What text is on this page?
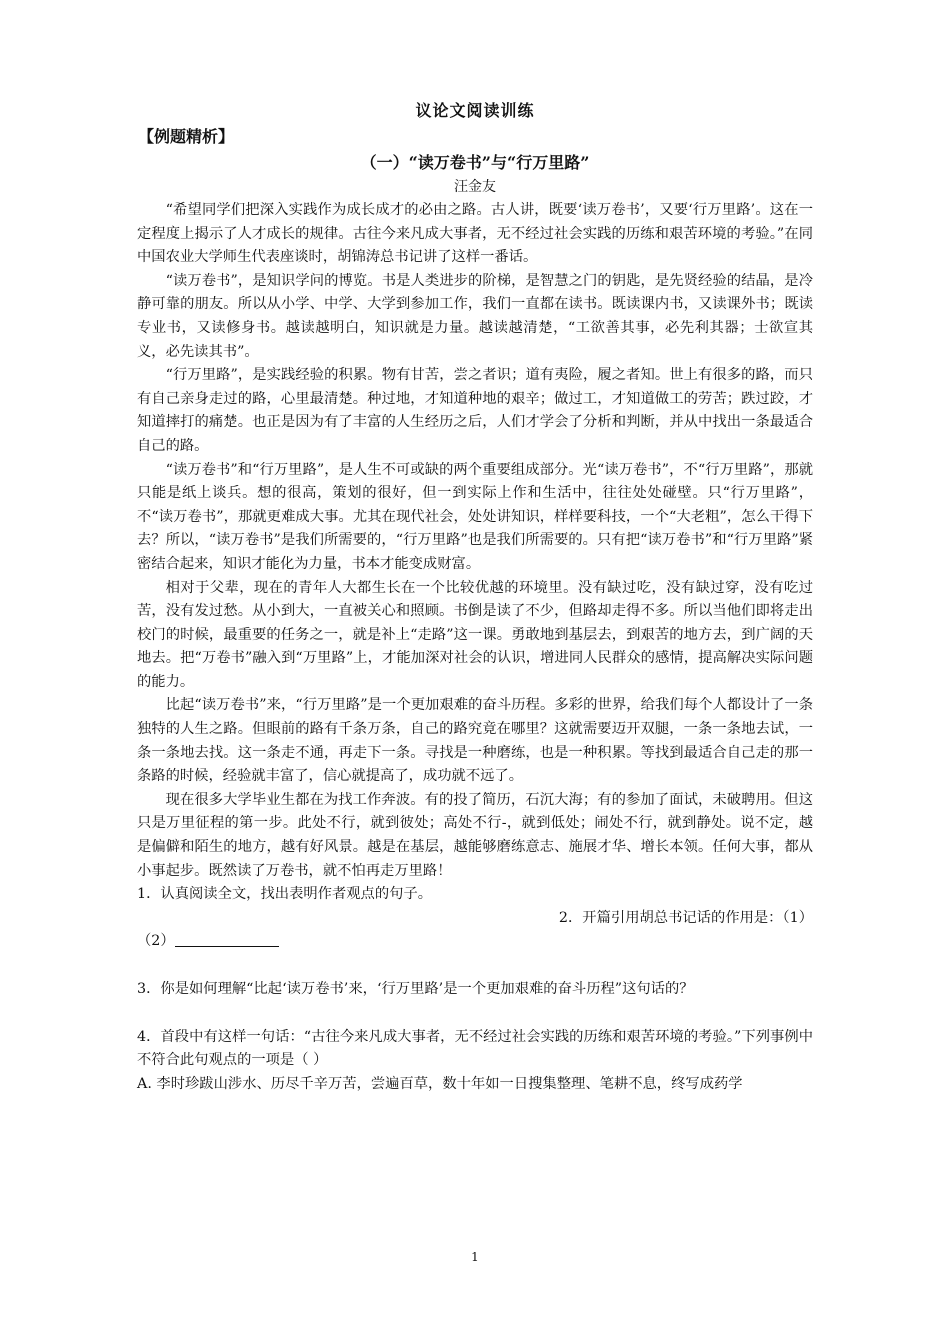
议论文阅读训练
【例题精析】
（一）“读万卷书”与“行万里路”
汪金友

“希望同学们把深入实践作为成长成才的必由之路。古人讲，既要‘读万卷书’，又要‘行万里路’。这在一定程度上揭示了人才成长的规律。古往今来凡成大事者，无不经过社会实践的历练和艰苦环境的考验。”在同中国农业大学师生代表座谈时，胡锦涛总书记讲了这样一番话。

“读万卷书”，是知识学问的博览。书是人类进步的阶梯，是智慧之门的钥匙，是先贤经验的结晶，是冷静可靠的朋友。所以从小学、中学、大学到参加工作，我们一直都在读书。既读课内书，又读课外书；既读专业书，又读修身书。越读越明白，知识就是力量。越读越清楚，“工欲善其事，必先利其器；士欲宣其义，必先读其书”。

“行万里路”，是实践经验的积累。物有甘苦，尝之者识；道有夷险，履之者知。世上有很多的路，而只有自己亲身走过的路，心里最清楚。种过地，才知道种地的艰辛；做过工，才知道做工的劳苦；跌过跤，才知道摔打的痛楚。也正是因为有了丰富的人生经历之后，人们才学会了分析和判断，并从中找出一条最适合自己的路。

“读万卷书”和“行万里路”，是人生不可或缺的两个重要组成部分。光“读万卷书”，不“行万里路”，那就只能是纸上谈兵。想的很高，策划的很好，但一到实际上作和生活中，往往处处碰壁。只“行万里路”，不“读万卷书”，那就更难成大事。尤其在现代社会，处处讲知识，样样要科技，一个“大老粗”，怎么干得下去？所以，“读万卷书”是我们所需要的，“行万里路”也是我们所需要的。只有把“读万卷书”和“行万里路”紧密结合起来，知识才能化为力量，书本才能变成财富。

相对于父辈，现在的青年人大都生长在一个比较优越的环境里。没有缺过吃，没有缺过穿，没有吃过苦，没有发过愁。从小到大，一直被关心和照顾。书倒是读了不少，但路却走得不多。所以当他们即将走出校门的时候，最重要的任务之一，就是补上“走路”这一课。勇敢地到基层去，到艰苦的地方去，到广阔的天地去。把“万卷书”融入到“万里路”上，才能加深对社会的认识，增进同人民群众的感情，提高解决实际问题的能力。

比起“读万卷书”来，“行万里路”是一个更加艰难的奋斗历程。多彩的世界，给我们每个人都设计了一条独特的人生之路。但眼前的路有千条万条，自己的路究竟在哪里？这就需要迈开双腿，一条一条地去试，一条一条地去找。这一条走不通，再走下一条。寻找是一种磨练，也是一种积累。等找到最适合自己走的那一条路的时候，经验就丰富了，信心就提高了，成功就不远了。

现在很多大学毕业生都在为找工作奔波。有的投了简历，石沉大海；有的参加了面试，未破聘用。但这只是万里征程的第一步。此处不行，就到彼处；高处不行-，就到低处；闹处不行，就到静处。说不定，越是偏僻和陌生的地方，越有好风景。越是在基层，越能够磨练意志、施展才华、增长本领。任何大事，都从小事起步。既然读了万卷书，就不怕再走万里路！

1．认真阅读全文，找出表明作者观点的句子。
2．开篇引用胡总书记话的作用是：（1）
（2）
3．你是如何理解“比起‘读万卷书’来，‘行万里路’是一个更加艰难的奋斗历程”这句话的？
4．首段中有这样一句话：“古往今来凡成大事者，无不经过社会实践的历练和艰苦环境的考验。”下列事例中不符合此句观点的一项是（ ）
A. 李时珍跋山涉水、历尽千辛万苦，尝遍百草，数十年如一日搜集整理、笔耕不息，终写成药学
1
